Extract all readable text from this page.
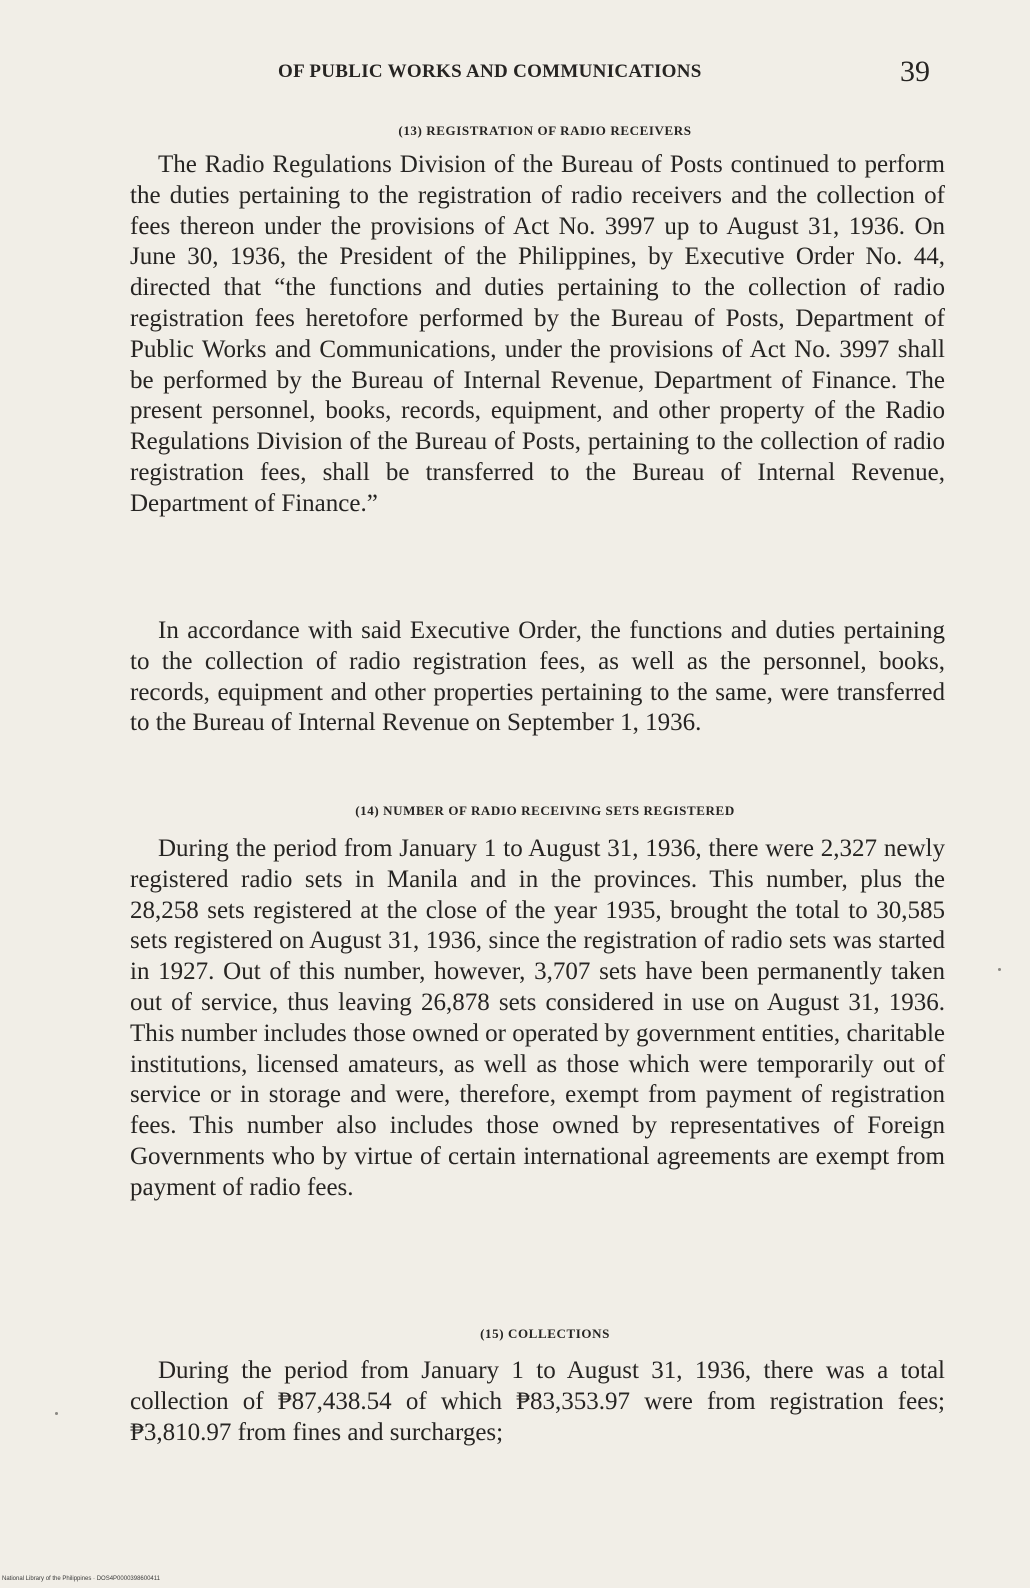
OF PUBLIC WORKS AND COMMUNICATIONS	39
(13) REGISTRATION OF RADIO RECEIVERS

The Radio Regulations Division of the Bureau of Posts continued to perform the duties pertaining to the registration of radio receivers and the collection of fees thereon under the provisions of Act No. 3997 up to August 31, 1936. On June 30, 1936, the President of the Philippines, by Executive Order No. 44, directed that “the functions and duties pertaining to the collection of radio registration fees heretofore performed by the Bureau of Posts, Department of Public Works and Communications, under the provisions of Act No. 3997 shall be performed by the Bureau of Internal Revenue, Department of Finance. The present personnel, books, records, equipment, and other property of the Radio Regulations Division of the Bureau of Posts, pertaining to the collection of radio registration fees, shall be transferred to the Bureau of Internal Revenue, Department of Finance.”

In accordance with said Executive Order, the functions and duties pertaining to the collection of radio registration fees, as well as the personnel, books, records, equipment and other properties pertaining to the same, were transferred to the Bureau of Internal Revenue on September 1, 1936.

(14) NUMBER OF RADIO RECEIVING SETS REGISTERED

During the period from January 1 to August 31, 1936, there were 2,327 newly registered radio sets in Manila and in the provinces. This number, plus the 28,258 sets registered at the close of the year 1935, brought the total to 30,585 sets registered on August 31, 1936, since the registration of radio sets was started in 1927. Out of this number, however, 3,707 sets have been permanently taken out of service, thus leaving 26,878 sets considered in use on August 31, 1936. This number includes those owned or operated by government entities, charitable institutions, licensed amateurs, as well as those which were temporarily out of service or in storage and were, therefore, exempt from payment of registration fees. This number also includes those owned by representatives of Foreign Governments who by virtue of certain international agreements are exempt from payment of radio fees.

(15) COLLECTIONS

During the period from January 1 to August 31, 1936, there was a total collection of ₱87,438.54 of which ₱83,353.97 were from registration fees; ₱3,810.97 from fines and surcharges;

National Library of the Philippines · DOS4P0000398600411
